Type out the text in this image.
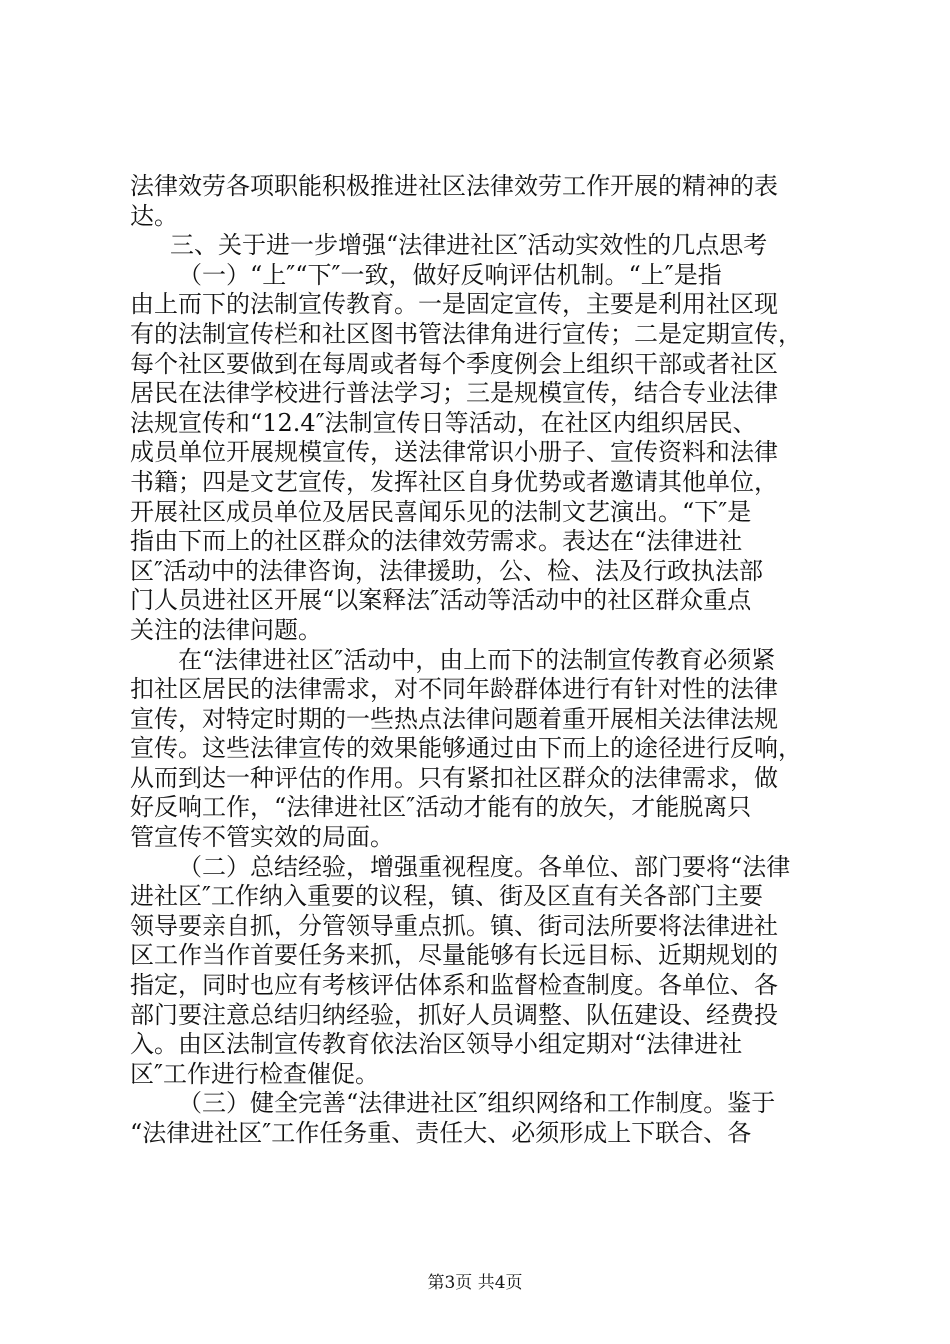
法律效劳各项职能积极推进社区法律效劳工作开展的精神的表
达。
三、关于进一步增强“法律进社区″活动实效性的几点思考
（一）“上″“下″一致，做好反响评估机制。“上″是指
由上而下的法制宣传教育。一是固定宣传，主要是利用社区现
有的法制宣传栏和社区图书管法律角进行宣传；二是定期宣传，
每个社区要做到在每周或者每个季度例会上组织干部或者社区
居民在法律学校进行普法学习；三是规模宣传，结合专业法律
法规宣传和“12.4″法制宣传日等活动，在社区内组织居民、
成员单位开展规模宣传，送法律常识小册子、宣传资料和法律
书籍；四是文艺宣传，发挥社区自身优势或者邀请其他单位，
开展社区成员单位及居民喜闻乐见的法制文艺演出。“下″是
指由下而上的社区群众的法律效劳需求。表达在“法律进社
区″活动中的法律咨询，法律援助，公、检、法及行政执法部
门人员进社区开展“以案释法″活动等活动中的社区群众重点
关注的法律问题。
在“法律进社区″活动中，由上而下的法制宣传教育必须紧
扣社区居民的法律需求，对不同年龄群体进行有针对性的法律
宣传，对特定时期的一些热点法律问题着重开展相关法律法规
宣传。这些法律宣传的效果能够通过由下而上的途径进行反响，
从而到达一种评估的作用。只有紧扣社区群众的法律需求，做
好反响工作，“法律进社区″活动才能有的放矢，才能脱离只
管宣传不管实效的局面。
（二）总结经验，增强重视程度。各单位、部门要将“法律
进社区″工作纳入重要的议程，镇、街及区直有关各部门主要
领导要亲自抓，分管领导重点抓。镇、街司法所要将法律进社
区工作当作首要任务来抓，尽量能够有长远目标、近期规划的
指定，同时也应有考核评估体系和监督检查制度。各单位、各
部门要注意总结归纳经验，抓好人员调整、队伍建设、经费投
入。由区法制宣传教育依法治区领导小组定期对“法律进社
区″工作进行检查催促。
（三）健全完善“法律进社区″组织网络和工作制度。鉴于
“法律进社区″工作任务重、责任大、必须形成上下联合、各
第3页 共4页
